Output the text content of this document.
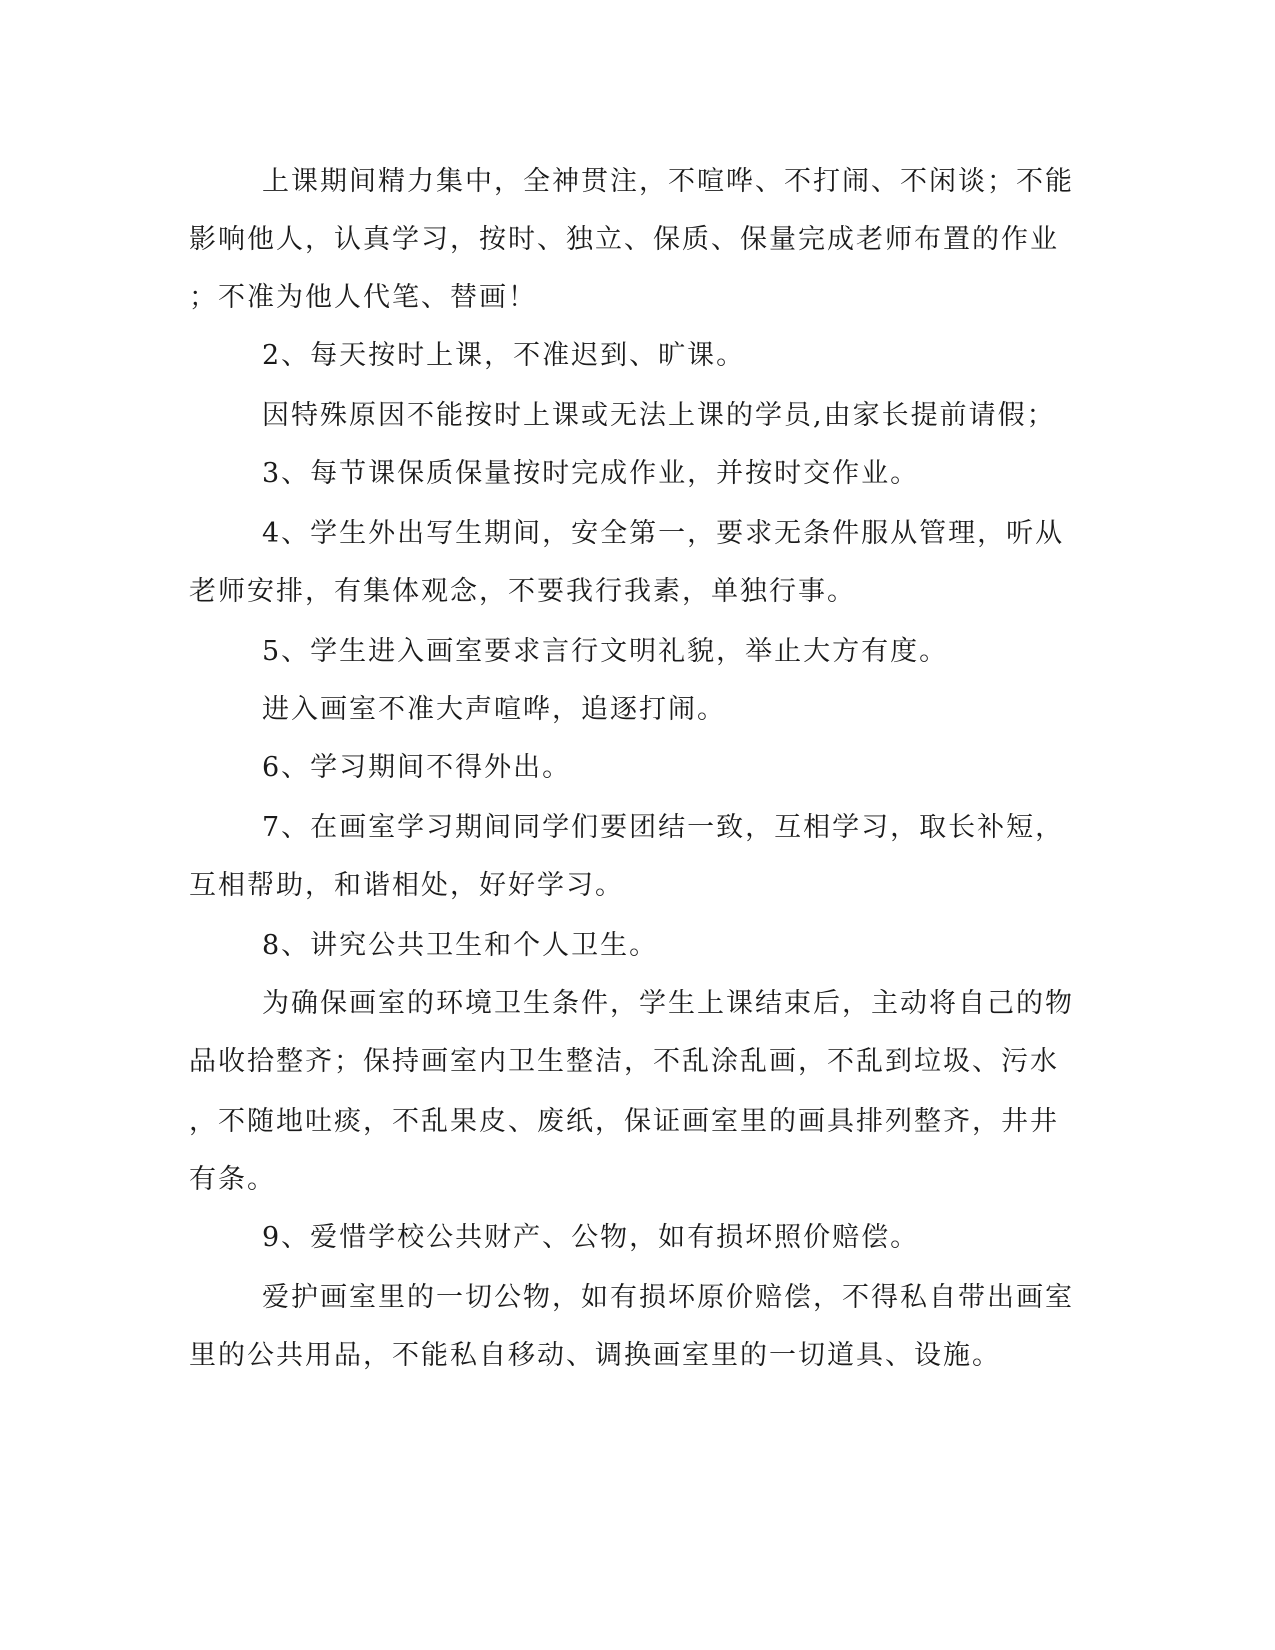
上课期间精力集中，全神贯注，不喧哗、不打闹、不闲谈；不能

影响他人，认真学习，按时、独立、保质、保量完成老师布置的作业

；不准为他人代笔、替画！

2、每天按时上课，不准迟到、旷课。

因特殊原因不能按时上课或无法上课的学员,由家长提前请假；

3、每节课保质保量按时完成作业，并按时交作业。

4、学生外出写生期间，安全第一，要求无条件服从管理，听从

老师安排，有集体观念，不要我行我素，单独行事。

5、学生进入画室要求言行文明礼貌，举止大方有度。

进入画室不准大声喧哗，追逐打闹。

6、学习期间不得外出。

7、在画室学习期间同学们要团结一致，互相学习，取长补短，

互相帮助，和谐相处，好好学习。

8、讲究公共卫生和个人卫生。

为确保画室的环境卫生条件，学生上课结束后，主动将自己的物

品收拾整齐；保持画室内卫生整洁，不乱涂乱画，不乱到垃圾、污水

，不随地吐痰，不乱果皮、废纸，保证画室里的画具排列整齐，井井

有条。

9、爱惜学校公共财产、公物，如有损坏照价赔偿。

爱护画室里的一切公物，如有损坏原价赔偿，不得私自带出画室

里的公共用品，不能私自移动、调换画室里的一切道具、设施。
